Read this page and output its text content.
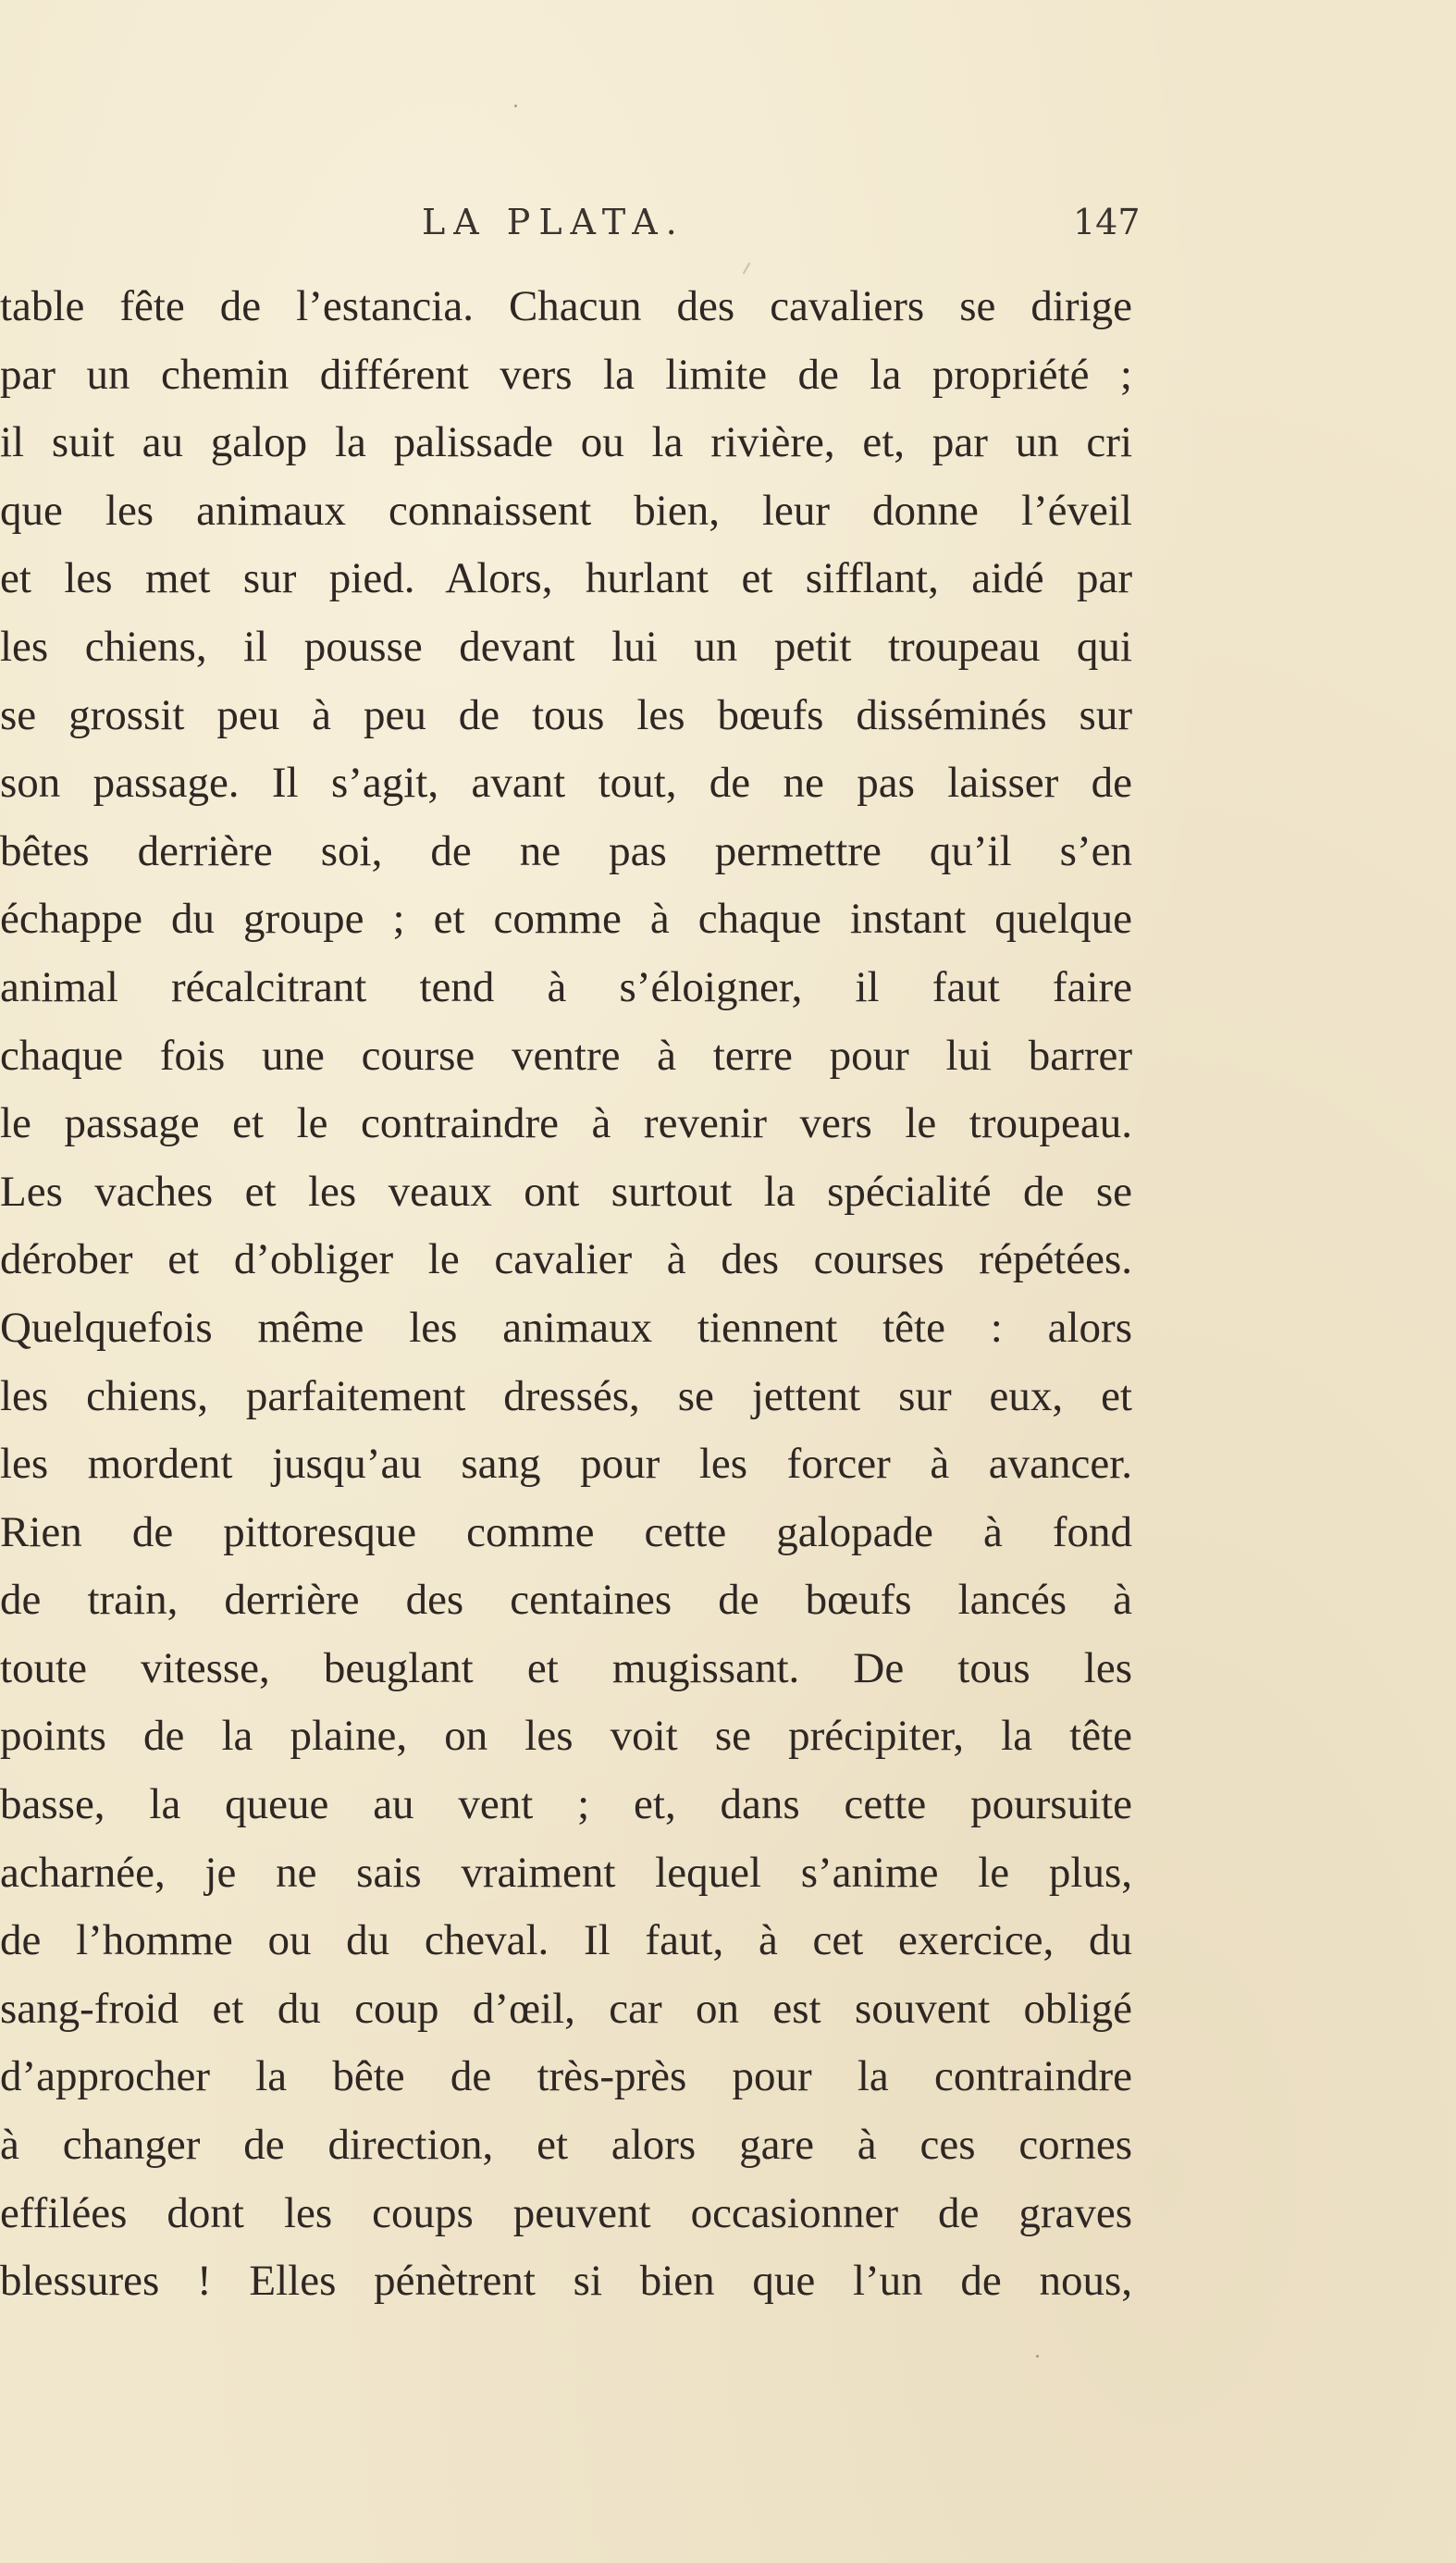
LA PLATA.	147
table fête de l’estancia. Chacun des cavaliers se dirige
par un chemin différent vers la limite de la propriété ;
il suit au galop la palissade ou la rivière, et, par un cri
que les animaux connaissent bien, leur donne l’éveil
et les met sur pied. Alors, hurlant et sifflant, aidé par
les chiens, il pousse devant lui un petit troupeau qui
se grossit peu à peu de tous les bœufs disséminés sur
son passage. Il s’agit, avant tout, de ne pas laisser de
bêtes derrière soi, de ne pas permettre qu’il s’en
échappe du groupe ; et comme à chaque instant quelque
animal récalcitrant tend à s’éloigner, il faut faire
chaque fois une course ventre à terre pour lui barrer
le passage et le contraindre à revenir vers le troupeau.
Les vaches et les veaux ont surtout la spécialité de se
dérober et d’obliger le cavalier à des courses répétées.
Quelquefois même les animaux tiennent tête : alors
les chiens, parfaitement dressés, se jettent sur eux, et
les mordent jusqu’au sang pour les forcer à avancer.
Rien de pittoresque comme cette galopade à fond
de train, derrière des centaines de bœufs lancés à
toute vitesse, beuglant et mugissant. De tous les
points de la plaine, on les voit se précipiter, la tête
basse, la queue au vent ; et, dans cette poursuite
acharnée, je ne sais vraiment lequel s’anime le plus,
de l’homme ou du cheval. Il faut, à cet exercice, du
sang-froid et du coup d’œil, car on est souvent obligé
d’approcher la bête de très-près pour la contraindre
à changer de direction, et alors gare à ces cornes
effilées dont les coups peuvent occasionner de graves
blessures ! Elles pénètrent si bien que l’un de nous,
